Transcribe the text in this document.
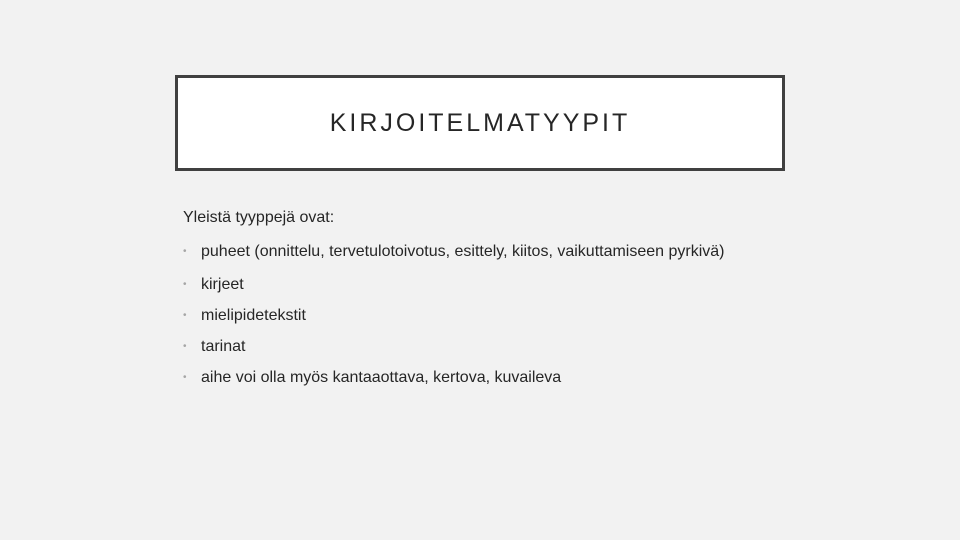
KIRJOITELMATYYPIT

Yleistä tyyppejä ovat:

• puheet (onnittelu, tervetulotoivotus, esittely, kiitos, vaikuttamiseen pyrkivä)
• kirjeet
• mielipidetekstit
• tarinat
• aihe voi olla myös kantaaottava, kertova, kuvaileva
